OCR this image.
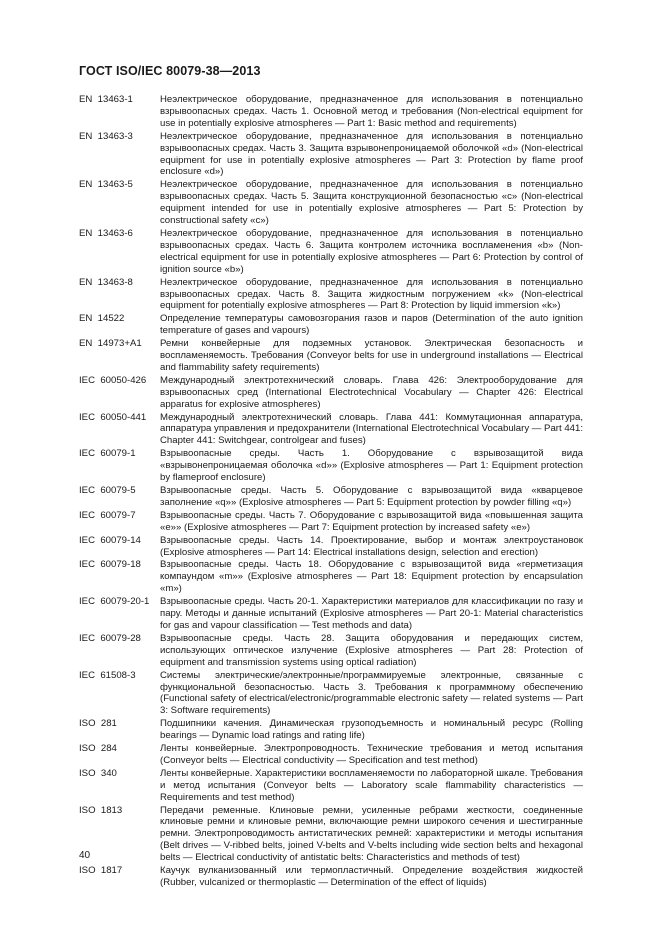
ГОСТ ISO/IEC 80079-38—2013
EN  13463-1	Неэлектрическое оборудование, предназначенное для использования в потенциально взрывоопасных средах. Часть 1. Основной метод и требования (Non-electrical equipment for use in potentially explosive atmospheres — Part 1: Basic method and requirements)
EN  13463-3	Неэлектрическое оборудование, предназначенное для использования в потенциально взрывоопасных средах. Часть 3. Защита взрывонепроницаемой оболочкой «d» (Non-electrical equipment for use in potentially explosive atmospheres — Part 3: Protection by flame proof enclosure «d»)
EN  13463-5	Неэлектрическое оборудование, предназначенное для использования в потенциально взрывоопасных средах. Часть 5. Защита конструкционной безопасностью «c» (Non-electrical equipment intended for use in potentially explosive atmospheres — Part 5: Protection by constructional safety «c»)
EN  13463-6	Неэлектрическое оборудование, предназначенное для использования в потенциально взрывоопасных средах. Часть 6. Защита контролем источника воспламенения «b» (Non-electrical equipment for use in potentially explosive atmospheres — Part 6: Protection by control of ignition source «b»)
EN  13463-8	Неэлектрическое оборудование, предназначенное для использования в потенциально взрывоопасных средах. Часть 8. Защита жидкостным погружением «k» (Non-electrical equipment for potentially explosive atmospheres — Part 8: Protection by liquid immersion «k»)
EN  14522	Определение температуры самовозгорания газов и паров (Determination of the auto ignition temperature of gases and vapours)
EN  14973+A1	Ремни конвейерные для подземных установок. Электрическая безопасность и воспламеняемость. Требования (Conveyor belts for use in underground installations — Electrical and flammability safety requirements)
IEC  60050-426	Международный электротехнический словарь. Глава 426: Электрооборудование для взрывоопасных сред (International Electrotechnical Vocabulary — Chapter 426: Electrical apparatus for explosive atmospheres)
IEC  60050-441	Международный электротехнический словарь. Глава 441: Коммутационная аппаратура, аппаратура управления и предохранители (International Electrotechnical Vocabulary — Part 441: Chapter 441: Switchgear, controlgear and fuses)
IEC  60079-1	Взрывоопасные среды. Часть 1. Оборудование с взрывозащитой вида «взрывонепроницаемая оболочка «d»» (Explosive atmospheres — Part 1: Equipment protection by flameproof enclosure)
IEC  60079-5	Взрывоопасные среды. Часть 5. Оборудование с взрывозащитой вида «кварцевое заполнение «q»» (Explosive atmospheres — Part 5: Equipment protection by powder filling «q»)
IEC  60079-7	Взрывоопасные среды. Часть 7. Оборудование с взрывозащитой вида «повышенная защита «e»» (Explosive atmospheres — Part 7: Equipment protection by increased safety «e»)
IEC  60079-14	Взрывоопасные среды. Часть 14. Проектирование, выбор и монтаж электроустановок (Explosive atmospheres — Part 14: Electrical installations design, selection and erection)
IEC  60079-18	Взрывоопасные среды. Часть 18. Оборудование с взрывозащитой вида «герметизация компаундом «m»» (Explosive atmospheres — Part 18: Equipment protection by encapsulation «m»)
IEC  60079-20-1	Взрывоопасные среды. Часть 20-1. Характеристики материалов для классификации по газу и пару. Методы и данные испытаний (Explosive atmospheres — Part 20-1: Material characteristics for gas and vapour classification — Test methods and data)
IEC  60079-28	Взрывоопасные среды. Часть 28. Защита оборудования и передающих систем, использующих оптическое излучение (Explosive atmospheres — Part 28: Protection of equipment and transmission systems using optical radiation)
IEC  61508-3	Системы электрические/электронные/программируемые электронные, связанные с функциональной безопасностью. Часть 3. Требования к программному обеспечению (Functional safety of electrical/electronic/programmable electronic safety — related systems — Part 3: Software requirements)
ISO  281	Подшипники качения. Динамическая грузоподъемность и номинальный ресурс (Rolling bearings — Dynamic load ratings and rating life)
ISO  284	Ленты конвейерные. Электропроводность. Технические требования и метод испытания (Conveyor belts — Electrical conductivity — Specification and test method)
ISO  340	Ленты конвейерные. Характеристики воспламеняемости по лабораторной шкале. Требования и метод испытания (Conveyor belts — Laboratory scale flammability characteristics — Requirements and test method)
ISO  1813	Передачи ременные. Клиновые ремни, усиленные ребрами жесткости, соединенные клиновые ремни и клиновые ремни, включающие ремни широкого сечения и шестигранные ремни. Электропроводимость антистатических ремней: характеристики и методы испытания (Belt drives — V-ribbed belts, joined V-belts and V-belts including wide section belts and hexagonal belts — Electrical conductivity of antistatic belts: Characteristics and methods of test)
ISO  1817	Каучук вулканизованный или термопластичный. Определение воздействия жидкостей (Rubber, vulcanized or thermoplastic — Determination of the effect of liquids)
40
